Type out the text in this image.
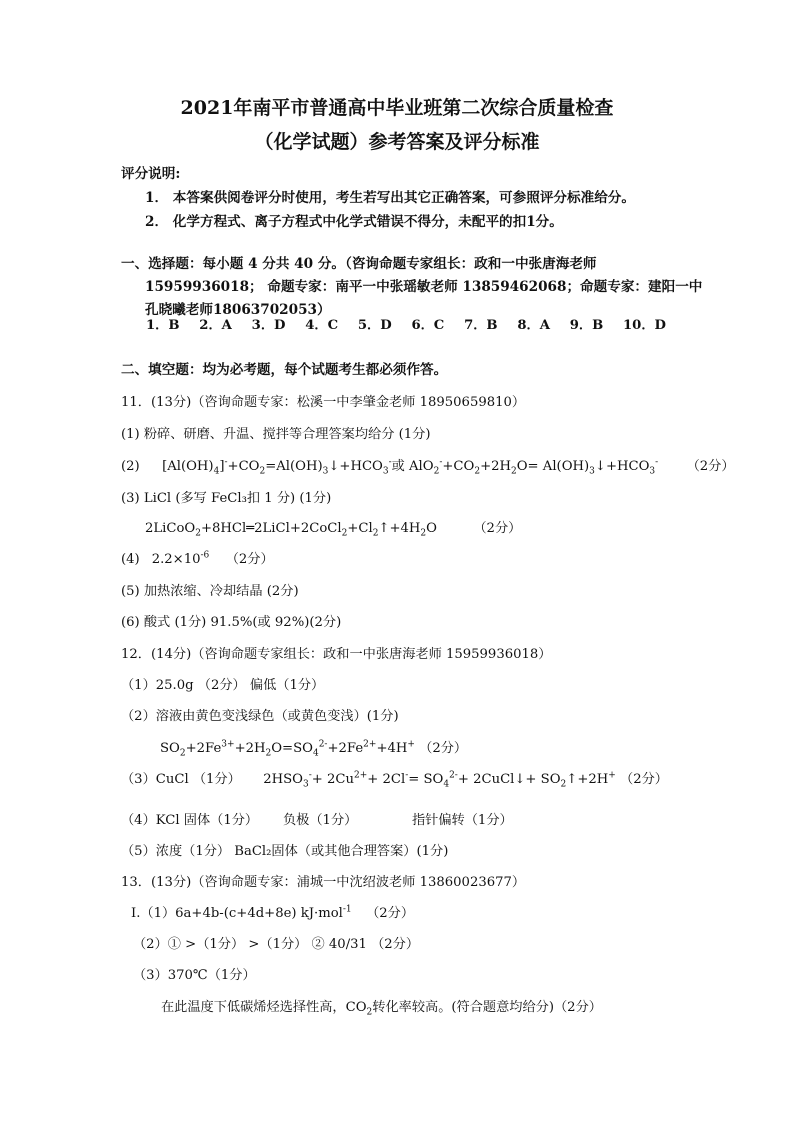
2021年南平市普通高中毕业班第二次综合质量检查
（化学试题）参考答案及评分标准
评分说明:
1． 本答案供阅卷评分时使用，考生若写出其它正确答案，可参照评分标准给分。
2． 化学方程式、离子方程式中化学式错误不得分，未配平的扣1分。
一、选择题：每小题 4 分共 40 分。（咨询命题专家组长：政和一中张唐海老师
15959936018； 命题专家：南平一中张瑶敏老师 13859462068；命题专家：建阳一中
孔晓曦老师18063702053）
1．B 2．A 3．D 4．C 5．D 6．C 7．B 8．A 9．B 10．D
二、填空题：均为必考题，每个试题考生都必须作答。
11．(13分)（咨询命题专家：松溪一中李肇金老师 18950659810）
(1) 粉碎、研磨、升温、搅拌等合理答案均给分 (1分)
(2) $[Al(OH)_4]^-+CO_2=Al(OH)_3↓+HCO_3^-$或 $AlO_2^-+CO_2+2H_2O=$ $Al(OH)_3↓+HCO_3^-$ （2分）
(3) LiCl (多写 FeCl₃扣 1 分) (1分)
$2LiCoO_2+8HCl═2LiCl+2CoCl_2+Cl_2↑+4H_2O$	（2分）
(4) $2.2\times 10^{-6}$ （2分）
(5) 加热浓缩、冷却结晶 (2分)
(6) 酸式 (1分) 91.5%(或 92%)(2分)
12．(14分)（咨询命题专家组长：政和一中张唐海老师 15959936018）
（1）25.0g （2分） 偏低（1分）
（2）溶液由黄色变浅绿色（或黄色变浅）(1分)
$SO_2+2Fe^{3+}+2H_2O=SO_4^{2-}+2Fe^{2+}+4H^+$ （2分）
（3）CuCl （1分） $2HSO_3^-+ 2Cu^{2+}+ 2Cl^-= SO_4^{2-}+$ 2CuCl↓+ $SO_2↑+2H^+$ （2分）
（4）KCl 固体（1分） 负极（1分）	指针偏转（1分）
（5）浓度（1分） BaCl₂固体（或其他合理答案）(1分)
13．(13分)（咨询命题专家：浦城一中沈绍波老师 13860023677）
I.（1）6a+4b-(c+4d+8e) kJ·mol$^{-1}$ （2分）
（2）① >（1分） >（1分） ② 40/31 （2分）
（3）370℃（1分）
在此温度下低碳烯烃选择性高，$CO_2$转化率较高。(符合题意均给分)（2分）
